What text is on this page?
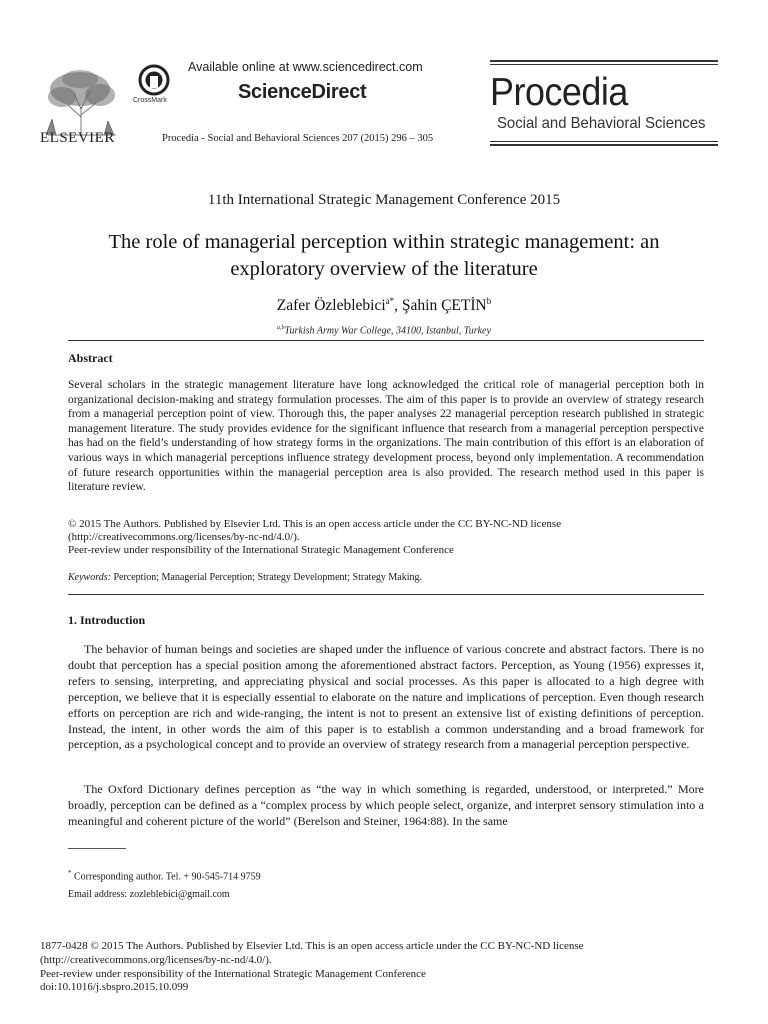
ELSEVIER
CrossMark
Available online at www.sciencedirect.com
ScienceDirect
Procedia - Social and Behavioral Sciences 207 (2015) 296 – 305
Procedia
Social and Behavioral Sciences
11th International Strategic Management Conference 2015
The role of managerial perception within strategic management: an
exploratory overview of the literature
Zafer Özleblebici$^{a*}$, Şahin ÇETİN$^b$
$^{a,b}$Turkish Army War College, 34100, Istanbul, Turkey
Abstract
Several scholars in the strategic management literature have long acknowledged the critical role of managerial perception both in organizational decision-making and strategy formulation processes. The aim of this paper is to provide an overview of strategy research from a managerial perception point of view. Thorough this, the paper analyses 22 managerial perception research published in strategic management literature. The study provides evidence for the significant influence that research from a managerial perception perspective has had on the field’s understanding of how strategy forms in the organizations. The main contribution of this effort is an elaboration of various ways in which managerial perceptions influence strategy development process, beyond only implementation. A recommendation of future research opportunities within the managerial perception area is also provided. The research method used in this paper is literature review.
© 2015 The Authors. Published by Elsevier Ltd. This is an open access article under the CC BY-NC-ND license
(http://creativecommons.org/licenses/by-nc-nd/4.0/).
Peer-review under responsibility of the International Strategic Management Conference
Keywords: Perception; Managerial Perception; Strategy Development; Strategy Making.
1. Introduction
The behavior of human beings and societies are shaped under the influence of various concrete and abstract factors. There is no doubt that perception has a special position among the aforementioned abstract factors. Perception, as Young (1956) expresses it, refers to sensing, interpreting, and appreciating physical and social processes. As this paper is allocated to a high degree with perception, we believe that it is especially essential to elaborate on the nature and implications of perception. Even though research efforts on perception are rich and wide-ranging, the intent is not to present an extensive list of existing definitions of perception. Instead, the intent, in other words the aim of this paper is to establish a common understanding and a broad framework for perception, as a psychological concept and to provide an overview of strategy research from a managerial perception perspective.
The Oxford Dictionary defines perception as “the way in which something is regarded, understood, or interpreted.” More broadly, perception can be defined as a “complex process by which people select, organize, and interpret sensory stimulation into a meaningful and coherent picture of the world” (Berelson and Steiner, 1964:88). In the same
* Corresponding author. Tel. + 90-545-714 9759
Email address: zozleblebici@gmail.com
1877-0428 © 2015 The Authors. Published by Elsevier Ltd. This is an open access article under the CC BY-NC-ND license
(http://creativecommons.org/licenses/by-nc-nd/4.0/).
Peer-review under responsibility of the International Strategic Management Conference
doi:10.1016/j.sbspro.2015.10.099
